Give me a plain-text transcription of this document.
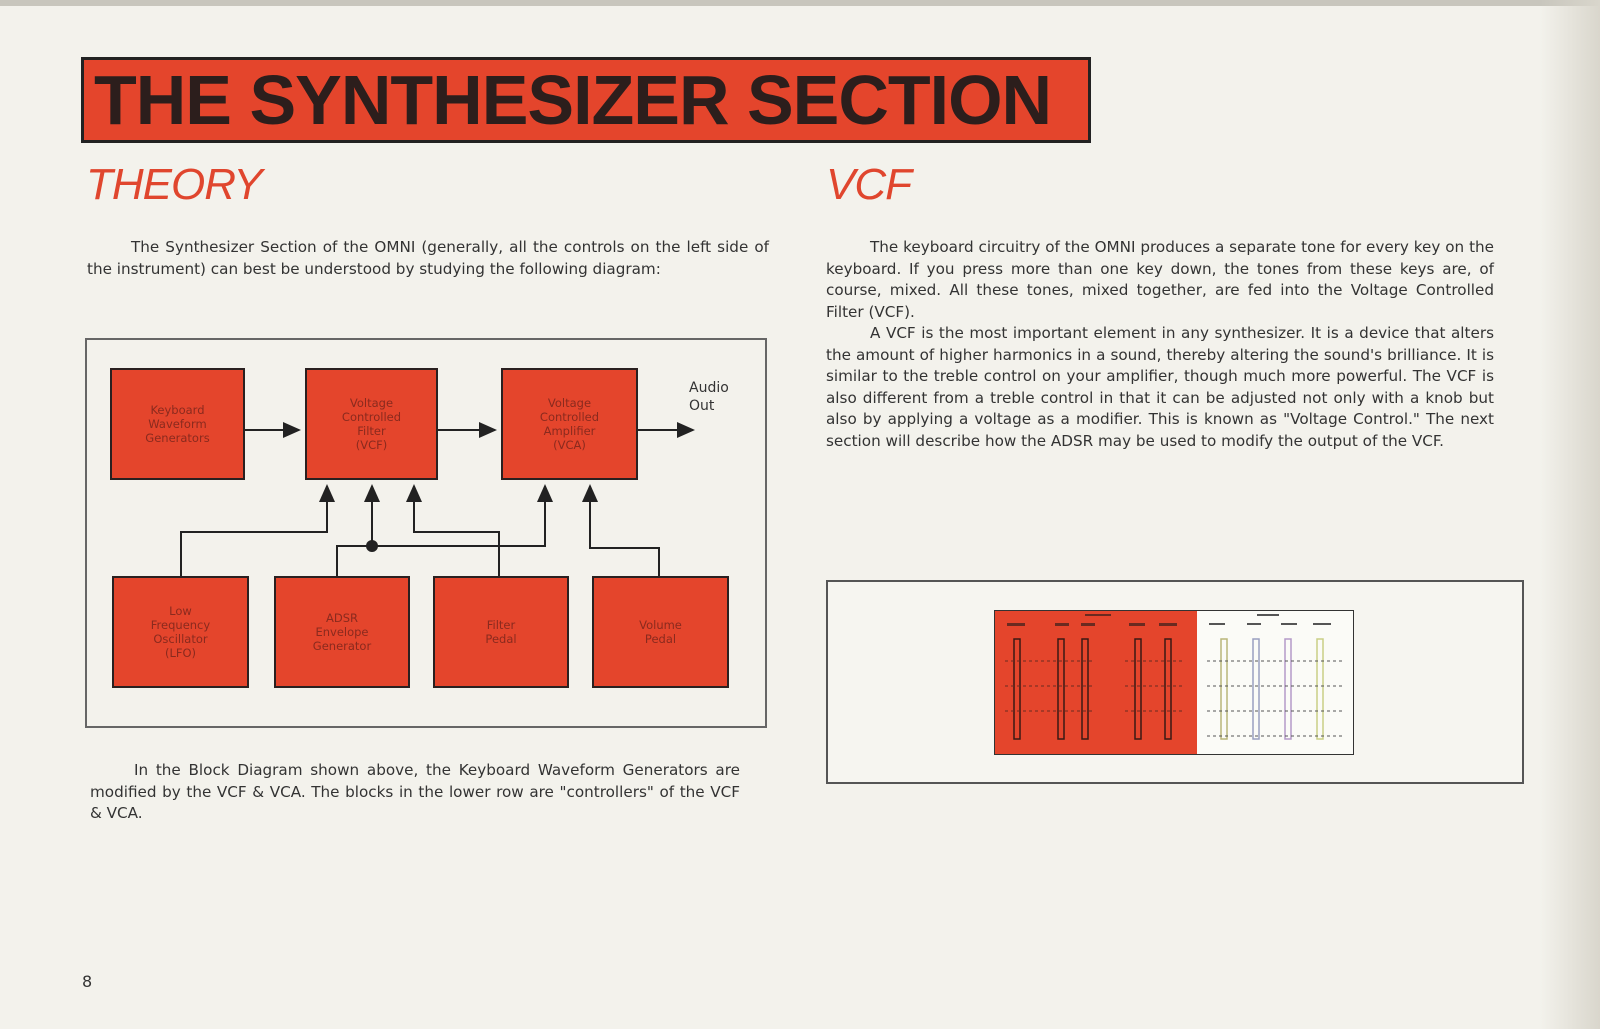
THE SYNTHESIZER SECTION
THEORY	VCF

The Synthesizer Section of the OMNI (generally, all the controls on the left side of the instrument) can best be understood by studying the following diagram:

Keyboard
Waveform
Generators
Voltage
Controlled
Filter
(VCF)
Voltage
Controlled
Amplifier
(VCA)
Low
Frequency
Oscillator
(LFO)
ADSR
Envelope
Generator
Filter
Pedal
Volume
Pedal
Audio
Out

In the Block Diagram shown above, the Keyboard Waveform Generators are modified by the VCF & VCA. The blocks in the lower row are "controllers" of the VCF & VCA.

The keyboard circuitry of the OMNI produces a separate tone for every key on the keyboard. If you press more than one key down, the tones from these keys are, of course, mixed. All these tones, mixed together, are fed into the Voltage Controlled Filter (VCF).

A VCF is the most important element in any synthesizer. It is a device that alters the amount of higher harmonics in a sound, thereby altering the sound's brilliance. It is similar to the treble control on your amplifier, though much more powerful. The VCF is also different from a treble control in that it can be adjusted not only with a knob but also by applying a voltage as a modifier. This is known as "Voltage Control." The next section will describe how the ADSR may be used to modify the output of the VCF.

8
